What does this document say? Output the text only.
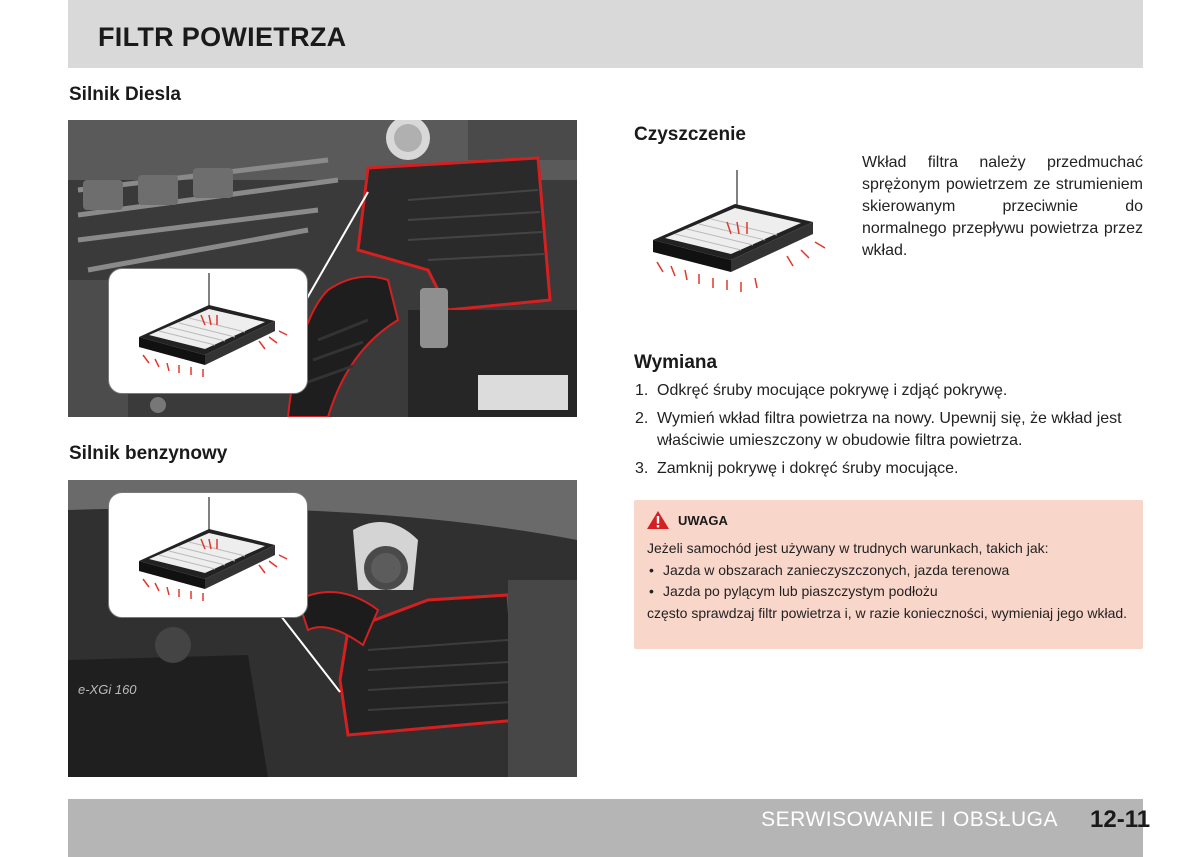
FILTR POWIETRZA
Silnik Diesla
Silnik benzynowy
e-XGi 160
Czyszczenie

Wkład filtra należy przedmuchać sprężonym powietrzem ze strumieniem skierowanym przeciwnie do normalnego przepływu powietrza przez wkład.

Wymiana
1. Odkręć śruby mocujące pokrywę i zdjąć pokrywę.
2. Wymień wkład filtra powietrza na nowy. Upewnij się, że wkład jest właściwie umieszczony w obudowie filtra powietrza.
3. Zamknij pokrywę i dokręć śruby mocujące.
UWAGA
Jeżeli samochód jest używany w trudnych warunkach, takich jak:
• Jazda w obszarach zanieczyszczonych, jazda terenowa
• Jazda po pylącym lub piaszczystym podłożu
często sprawdzaj filtr powietrza i, w razie konieczności, wymieniaj jego wkład.
SERWISOWANIE I OBSŁUGA 12-11
